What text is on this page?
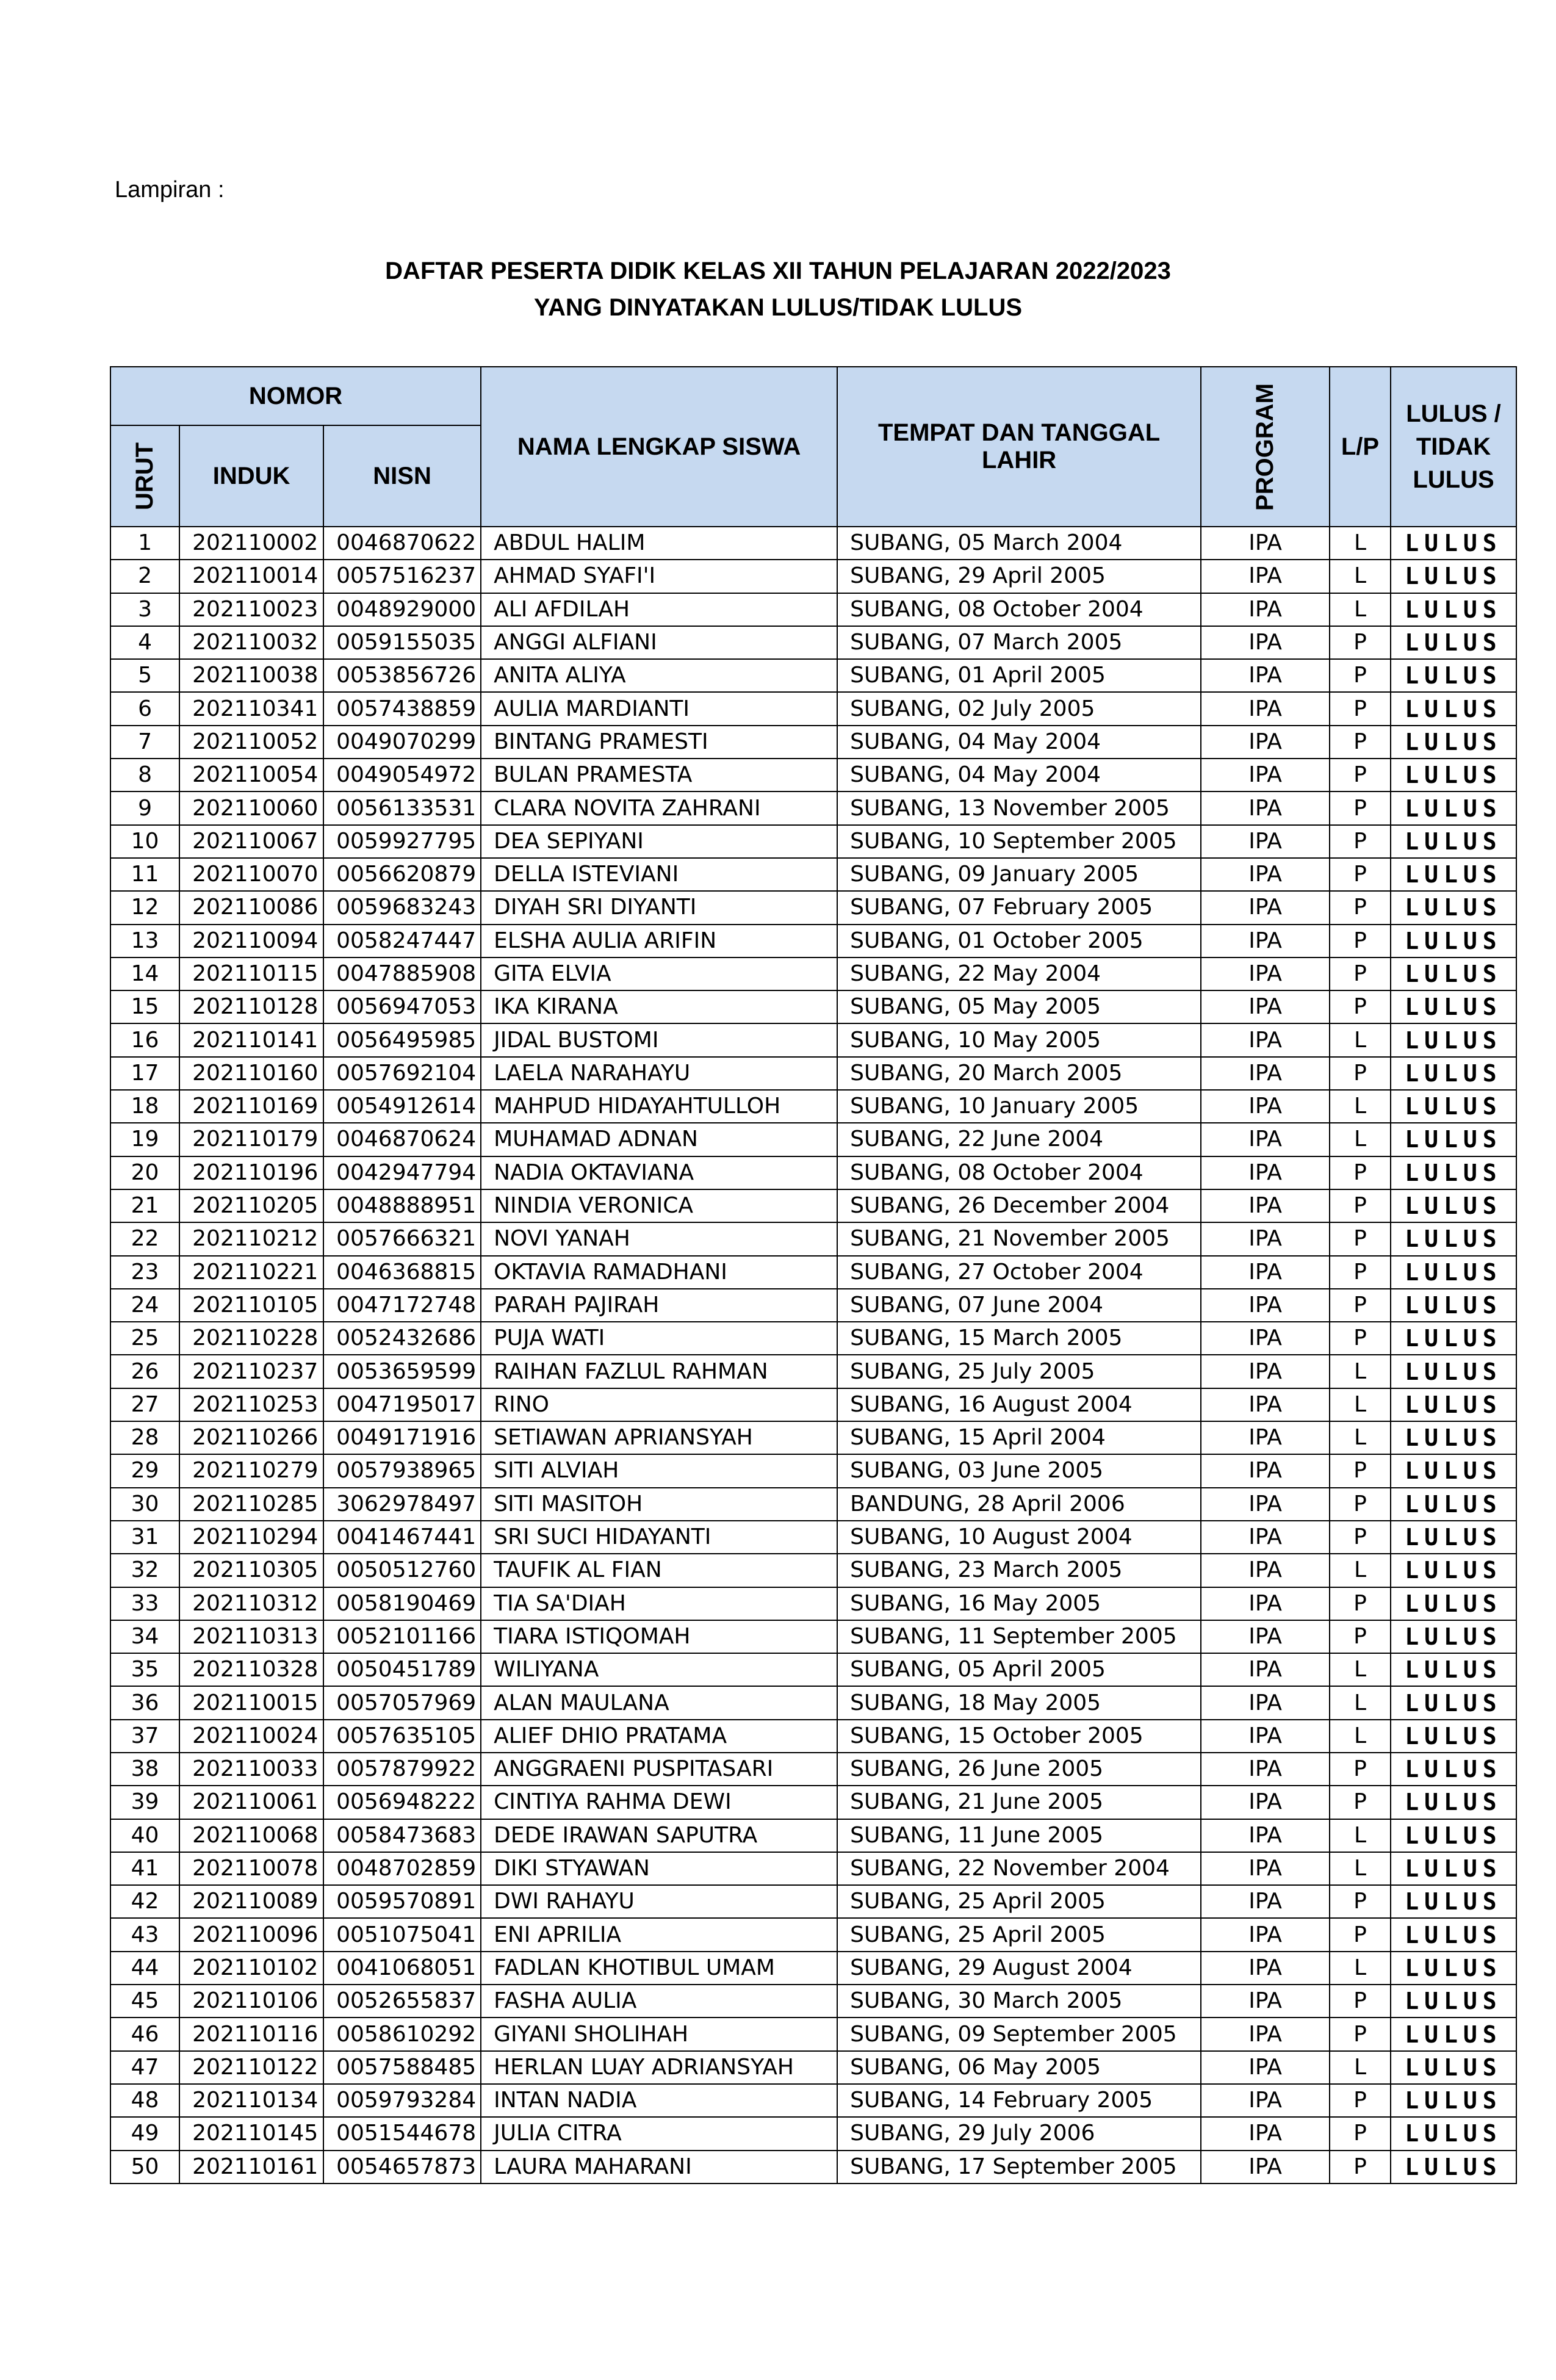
Lampiran :
DAFTAR PESERTA DIDIK KELAS XII TAHUN PELAJARAN 2022/2023
YANG DINYATAKAN LULUS/TIDAK LULUS
NOMOR			NAMA LENGKAP SISWA	TEMPAT DAN TANGGAL LAHIR	PROGRAM	L/P	LULUS /
TIDAK
LULUS
URUT	INDUK	NISN					
1	202110002	0046870622	ABDUL HALIM	SUBANG, 05 March 2004	IPA	L	LULUS
2	202110014	0057516237	AHMAD SYAFI'I	SUBANG, 29 April 2005	IPA	L	LULUS
3	202110023	0048929000	ALI AFDILAH	SUBANG, 08 October 2004	IPA	L	LULUS
4	202110032	0059155035	ANGGI ALFIANI	SUBANG, 07 March 2005	IPA	P	LULUS
5	202110038	0053856726	ANITA ALIYA	SUBANG, 01 April 2005	IPA	P	LULUS
6	202110341	0057438859	AULIA MARDIANTI	SUBANG, 02 July 2005	IPA	P	LULUS
7	202110052	0049070299	BINTANG PRAMESTI	SUBANG, 04 May 2004	IPA	P	LULUS
8	202110054	0049054972	BULAN PRAMESTA	SUBANG, 04 May 2004	IPA	P	LULUS
9	202110060	0056133531	CLARA NOVITA ZAHRANI	SUBANG, 13 November 2005	IPA	P	LULUS
10	202110067	0059927795	DEA SEPIYANI	SUBANG, 10 September 2005	IPA	P	LULUS
11	202110070	0056620879	DELLA ISTEVIANI	SUBANG, 09 January 2005	IPA	P	LULUS
12	202110086	0059683243	DIYAH SRI DIYANTI	SUBANG, 07 February 2005	IPA	P	LULUS
13	202110094	0058247447	ELSHA AULIA ARIFIN	SUBANG, 01 October 2005	IPA	P	LULUS
14	202110115	0047885908	GITA ELVIA	SUBANG, 22 May 2004	IPA	P	LULUS
15	202110128	0056947053	IKA KIRANA	SUBANG, 05 May 2005	IPA	P	LULUS
16	202110141	0056495985	JIDAL BUSTOMI	SUBANG, 10 May 2005	IPA	L	LULUS
17	202110160	0057692104	LAELA NARAHAYU	SUBANG, 20 March 2005	IPA	P	LULUS
18	202110169	0054912614	MAHPUD HIDAYAHTULLOH	SUBANG, 10 January 2005	IPA	L	LULUS
19	202110179	0046870624	MUHAMAD ADNAN	SUBANG, 22 June 2004	IPA	L	LULUS
20	202110196	0042947794	NADIA OKTAVIANA	SUBANG, 08 October 2004	IPA	P	LULUS
21	202110205	0048888951	NINDIA VERONICA	SUBANG, 26 December 2004	IPA	P	LULUS
22	202110212	0057666321	NOVI YANAH	SUBANG, 21 November 2005	IPA	P	LULUS
23	202110221	0046368815	OKTAVIA RAMADHANI	SUBANG, 27 October 2004	IPA	P	LULUS
24	202110105	0047172748	PARAH PAJIRAH	SUBANG, 07 June 2004	IPA	P	LULUS
25	202110228	0052432686	PUJA WATI	SUBANG, 15 March 2005	IPA	P	LULUS
26	202110237	0053659599	RAIHAN FAZLUL RAHMAN	SUBANG, 25 July 2005	IPA	L	LULUS
27	202110253	0047195017	RINO	SUBANG, 16 August 2004	IPA	L	LULUS
28	202110266	0049171916	SETIAWAN APRIANSYAH	SUBANG, 15 April 2004	IPA	L	LULUS
29	202110279	0057938965	SITI ALVIAH	SUBANG, 03 June 2005	IPA	P	LULUS
30	202110285	3062978497	SITI MASITOH	BANDUNG, 28 April 2006	IPA	P	LULUS
31	202110294	0041467441	SRI SUCI HIDAYANTI	SUBANG, 10 August 2004	IPA	P	LULUS
32	202110305	0050512760	TAUFIK AL FIAN	SUBANG, 23 March 2005	IPA	L	LULUS
33	202110312	0058190469	TIA SA'DIAH	SUBANG, 16 May 2005	IPA	P	LULUS
34	202110313	0052101166	TIARA ISTIQOMAH	SUBANG, 11 September 2005	IPA	P	LULUS
35	202110328	0050451789	WILIYANA	SUBANG, 05 April 2005	IPA	L	LULUS
36	202110015	0057057969	ALAN MAULANA	SUBANG, 18 May 2005	IPA	L	LULUS
37	202110024	0057635105	ALIEF DHIO PRATAMA	SUBANG, 15 October 2005	IPA	L	LULUS
38	202110033	0057879922	ANGGRAENI PUSPITASARI	SUBANG, 26 June 2005	IPA	P	LULUS
39	202110061	0056948222	CINTIYA RAHMA DEWI	SUBANG, 21 June 2005	IPA	P	LULUS
40	202110068	0058473683	DEDE IRAWAN SAPUTRA	SUBANG, 11 June 2005	IPA	L	LULUS
41	202110078	0048702859	DIKI STYAWAN	SUBANG, 22 November 2004	IPA	L	LULUS
42	202110089	0059570891	DWI RAHAYU	SUBANG, 25 April 2005	IPA	P	LULUS
43	202110096	0051075041	ENI APRILIA	SUBANG, 25 April 2005	IPA	P	LULUS
44	202110102	0041068051	FADLAN KHOTIBUL UMAM	SUBANG, 29 August 2004	IPA	L	LULUS
45	202110106	0052655837	FASHA AULIA	SUBANG, 30 March 2005	IPA	P	LULUS
46	202110116	0058610292	GIYANI SHOLIHAH	SUBANG, 09 September 2005	IPA	P	LULUS
47	202110122	0057588485	HERLAN LUAY ADRIANSYAH	SUBANG, 06 May 2005	IPA	L	LULUS
48	202110134	0059793284	INTAN NADIA	SUBANG, 14 February 2005	IPA	P	LULUS
49	202110145	0051544678	JULIA CITRA	SUBANG, 29 July 2006	IPA	P	LULUS
50	202110161	0054657873	LAURA MAHARANI	SUBANG, 17 September 2005	IPA	P	LULUS
